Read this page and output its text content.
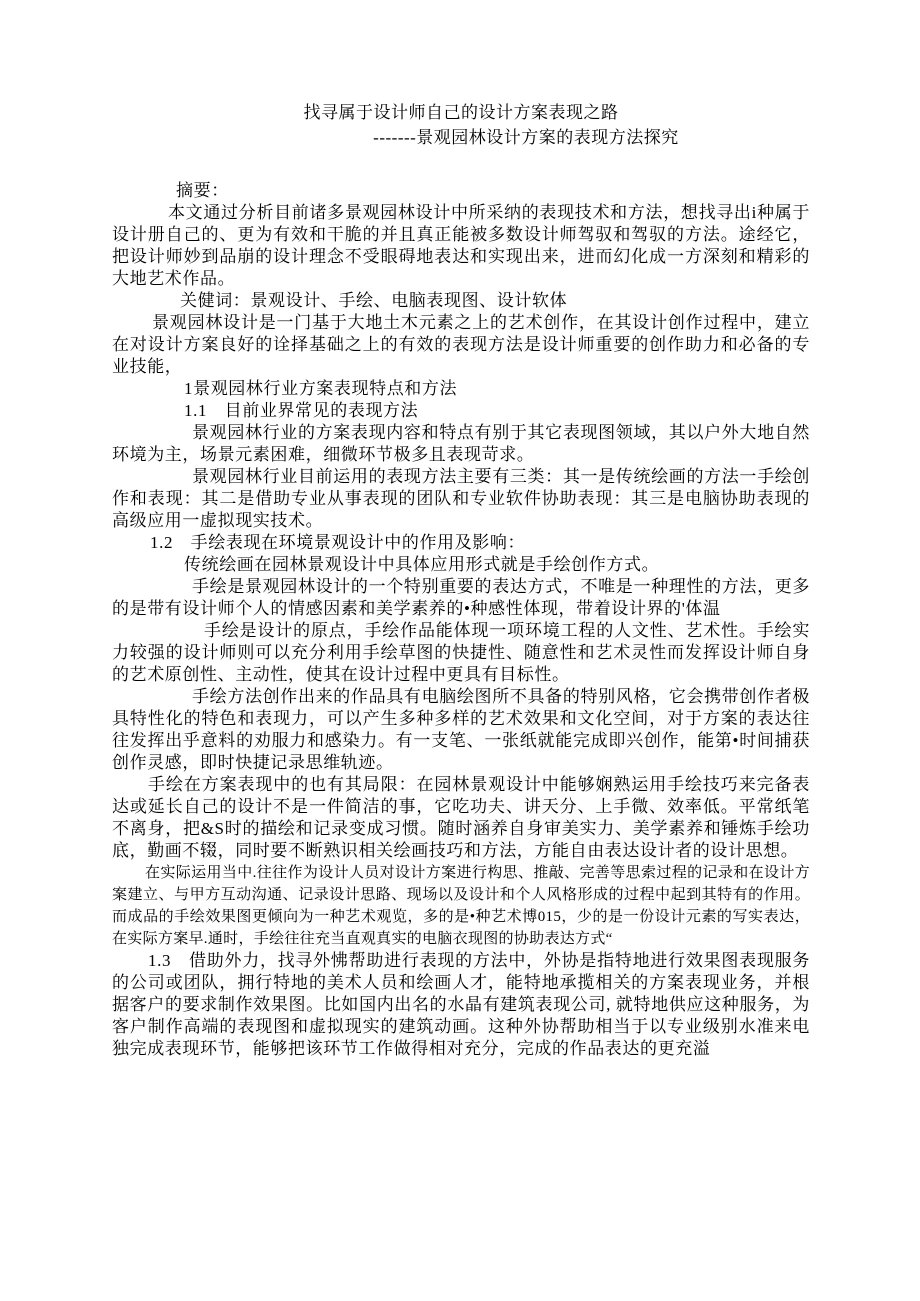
找寻属于设计师自己的设计方案表现之路
-------景观园林设计方案的表现方法探究

摘要：

本文通过分析目前诸多景观园林设计中所采纳的表现技术和方法，想找寻出i种属于设计册自己的、更为有效和干脆的并且真正能被多数设计师驾驭和驾驭的方法。途经它，把设计师妙到品崩的设计理念不受眼碍地表达和实现出来，进而幻化成一方深刻和精彩的大地艺术作品。

关健词：景观设计、手绘、电脑表现图、设计软体

景观园林设计是一门基于大地土木元素之上的艺术创作，在其设计创作过程中，建立在对设计方案良好的诠择基础之上的有效的表现方法是设计师重要的创作助力和必备的专业技能，

1景观园林行业方案表现特点和方法

1.1　目前业界常见的表现方法

景观园林行业的方案表现内容和特点有别于其它表现图领域，其以户外大地自然环境为主，场景元素困难，细微环节极多且表现苛求。

景观园林行业目前运用的表现方法主要有三类：其一是传统绘画的方法一手绘创作和表现：其二是借助专业从事表现的团队和专业软件协助表现：其三是电脑协助表现的高级应用一虚拟现实技术。

1.2　手绘表现在环境景观设计中的作用及影响：

传统绘画在园林景观设计中具体应用形式就是手绘创作方式。

手绘是景观园林设计的一个特别重要的表达方式，不唯是一种理性的方法，更多的是带有设计师个人的情感因素和美学素养的•种感性体现，带着设计界的'体温

手绘是设计的原点，手绘作品能体现一项环境工程的人文性、艺术性。手绘实力较强的设计师则可以充分利用手绘草图的快捷性、随意性和艺术灵性而发挥设计师自身的艺术原创性、主动性，使其在设计过程中更具有目标性。

手绘方法创作出来的作品具有电脑绘图所不具备的特别风格，它会携带创作者极具特性化的特色和表现力，可以产生多种多样的艺术效果和文化空间，对于方案的表达往往发挥出乎意料的劝服力和感染力。有一支笔、一张纸就能完成即兴创作，能第•时间捕获创作灵感，即时快捷记录思维轨迹。

手绘在方案表现中的也有其局限：在园林景观设计中能够娴熟运用手绘技巧来完备表达或延长自己的设计不是一件简洁的事，它吃功夫、讲天分、上手微、效率低。平常纸笔不离身，把&S时的描绘和记录变成习惯。随时涵养自身审美实力、美学素养和锤炼手绘功底，勤画不辍，同时要不断熟识相关绘画技巧和方法，方能自由表达设计者的设计思想。

在实际运用当中.往往作为设计人员对设计方案进行构思、推敲、完善等思索过程的记录和在设计方案建立、与甲方互动沟通、记录设计思路、现场以及设计和个人风格形成的过程中起到其特有的作用。而成品的手绘效果图更倾向为一种艺术观览，多的是•种艺术博015，少的是一份设计元素的写实表达，在实际方案早.通时，手绘往往充当直观真实的电脑衣现图的协助表达方式“

1.3　借助外力，找寻外怫帮助进行表现的方法中，外协是指特地进行效果图表现服务的公司或团队，拥行特地的美术人员和绘画人才，能特地承揽相关的方案表现业务，并根据客户的要求制作效果图。比如国内出名的水晶有建筑表现公司, 就特地供应这种服务，为客户制作高端的表现图和虚拟现实的建筑动画。这种外协帮助相当于以专业级别水准来电独完成表现环节，能够把该环节工作做得相对充分，完成的作品表达的更充溢
